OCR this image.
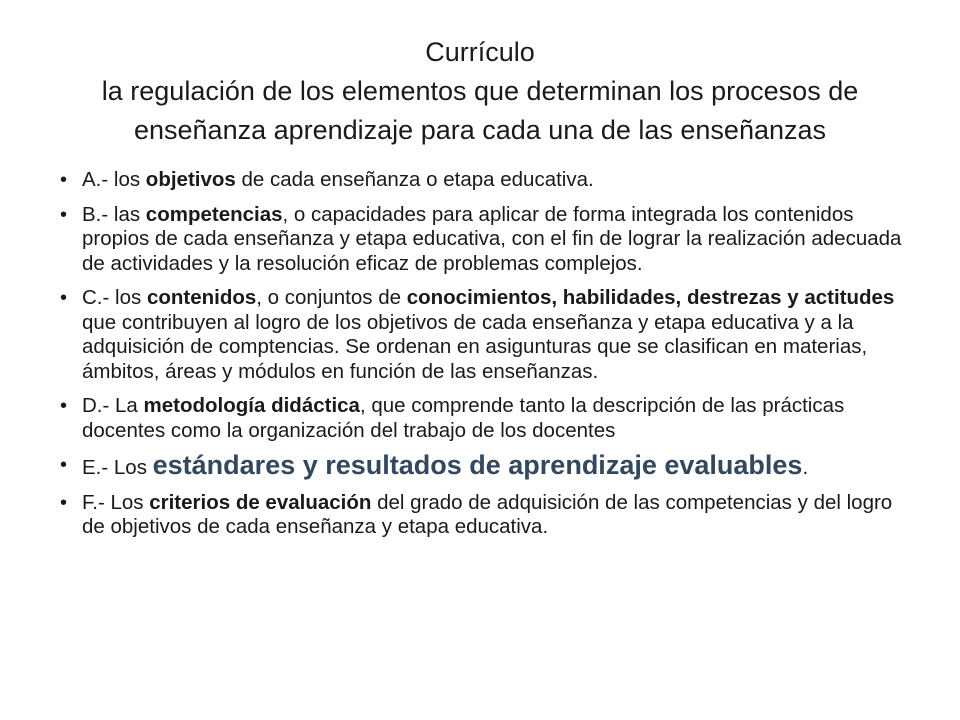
Currículo
la regulación de los elementos que determinan los procesos de
enseñanza aprendizaje para cada una de las enseñanzas
• A.- los objetivos de cada enseñanza o etapa educativa.
• B.- las competencias, o capacidades para aplicar de forma integrada los contenidos propios de cada enseñanza y etapa educativa, con el fin de lograr la realización adecuada de actividades y la resolución eficaz de problemas complejos.
• C.- los contenidos, o conjuntos de conocimientos, habilidades, destrezas y actitudes que contribuyen al logro de los objetivos de cada enseñanza y etapa educativa y a la adquisición de comptencias. Se ordenan en asigunturas que se clasifican en materias, ámbitos, áreas y módulos en función de las enseñanzas.
• D.- La metodología didáctica, que comprende tanto la descripción de las prácticas docentes como la organización del trabajo de los docentes
• E.- Los estándares y resultados de aprendizaje evaluables.
• F.- Los criterios de evaluación del grado de adquisición de las competencias y del logro de objetivos de cada enseñanza y etapa educativa.
